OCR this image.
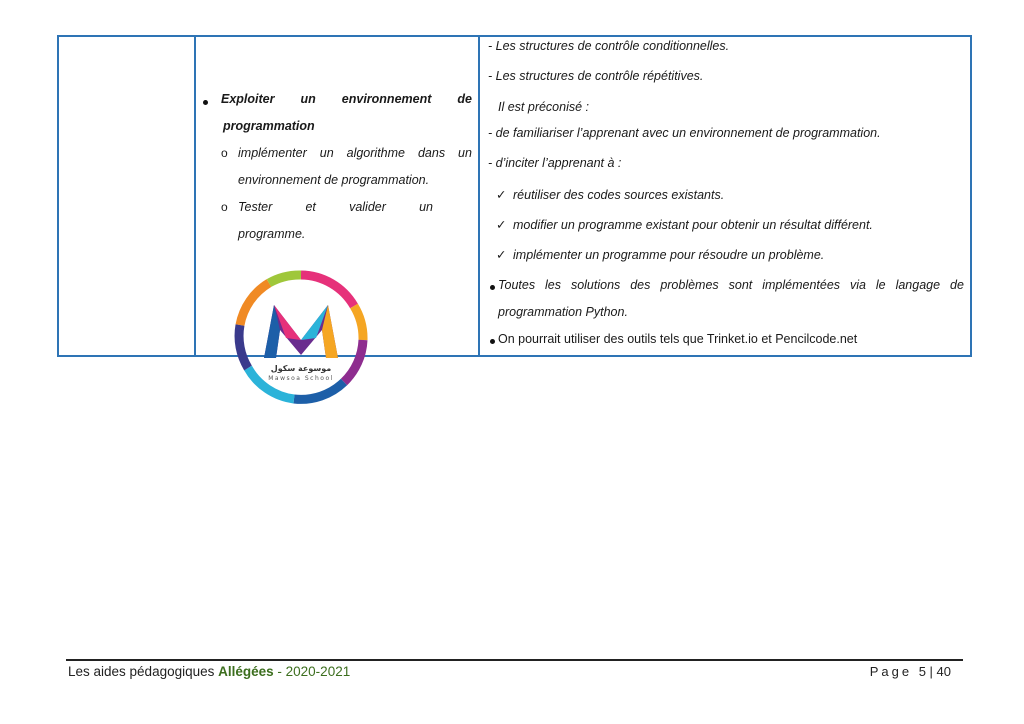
Exploiter un environnement de
programmation
o implémenter un algorithme dans un
environnement de programmation.
o Tester	et	valider	un
programme.
- Les structures de contrôle conditionnelles.
- Les structures de contrôle répétitives.
Il est préconisé :
- de familiariser l’apprenant avec un environnement de programmation.
- d’inciter l’apprenant à :
✓ réutiliser des codes sources existants.
✓ modifier un programme existant pour obtenir un résultat différent.
✓ implémenter un programme pour résoudre un problème.
Toutes les solutions des problèmes sont implémentées via le langage de
programmation Python.
On pourrait utiliser des outils tels que Trinket.io et Pencilcode.net
موسوعة سكول
Mawsoa School
Les aides pédagogiques Allégées - 2020-2021	Page 5 | 40
